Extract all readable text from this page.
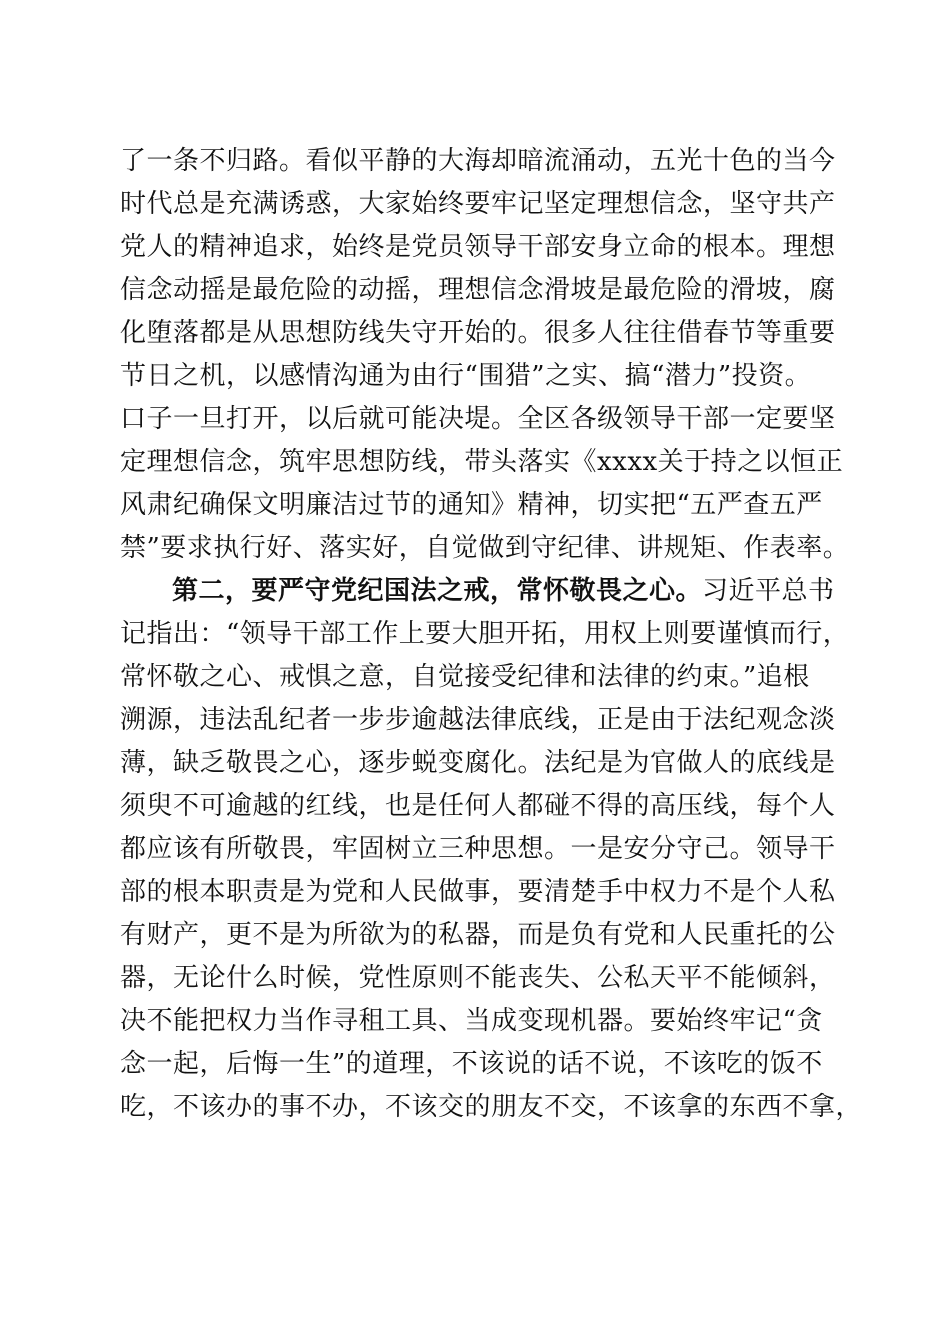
了一条不归路。看似平静的大海却暗流涌动，五光十色的当今
时代总是充满诱惑，大家始终要牢记坚定理想信念，坚守共产
党人的精神追求，始终是党员领导干部安身立命的根本。理想
信念动摇是最危险的动摇，理想信念滑坡是最危险的滑坡，腐
化堕落都是从思想防线失守开始的。很多人往往借春节等重要
节日之机，以感情沟通为由行“围猎”之实、搞“潜力”投资。
口子一旦打开，以后就可能决堤。全区各级领导干部一定要坚
定理想信念，筑牢思想防线，带头落实《xxxx关于持之以恒正
风肃纪确保文明廉洁过节的通知》精神，切实把“五严查五严
禁”要求执行好、落实好，自觉做到守纪律、讲规矩、作表率。
第二，要严守党纪国法之戒，常怀敬畏之心。习近平总书
记指出：“领导干部工作上要大胆开拓，用权上则要谨慎而行，
常怀敬之心、戒惧之意，自觉接受纪律和法律的约束。”追根
溯源，违法乱纪者一步步逾越法律底线，正是由于法纪观念淡
薄，缺乏敬畏之心，逐步蜕变腐化。法纪是为官做人的底线是
须臾不可逾越的红线，也是任何人都碰不得的高压线，每个人
都应该有所敬畏，牢固树立三种思想。一是安分守己。领导干
部的根本职责是为党和人民做事，要清楚手中权力不是个人私
有财产，更不是为所欲为的私器，而是负有党和人民重托的公
器，无论什么时候，党性原则不能丧失、公私天平不能倾斜，
决不能把权力当作寻租工具、当成变现机器。要始终牢记“贪
念一起，后悔一生”的道理，不该说的话不说，不该吃的饭不
吃，不该办的事不办，不该交的朋友不交，不该拿的东西不拿，
